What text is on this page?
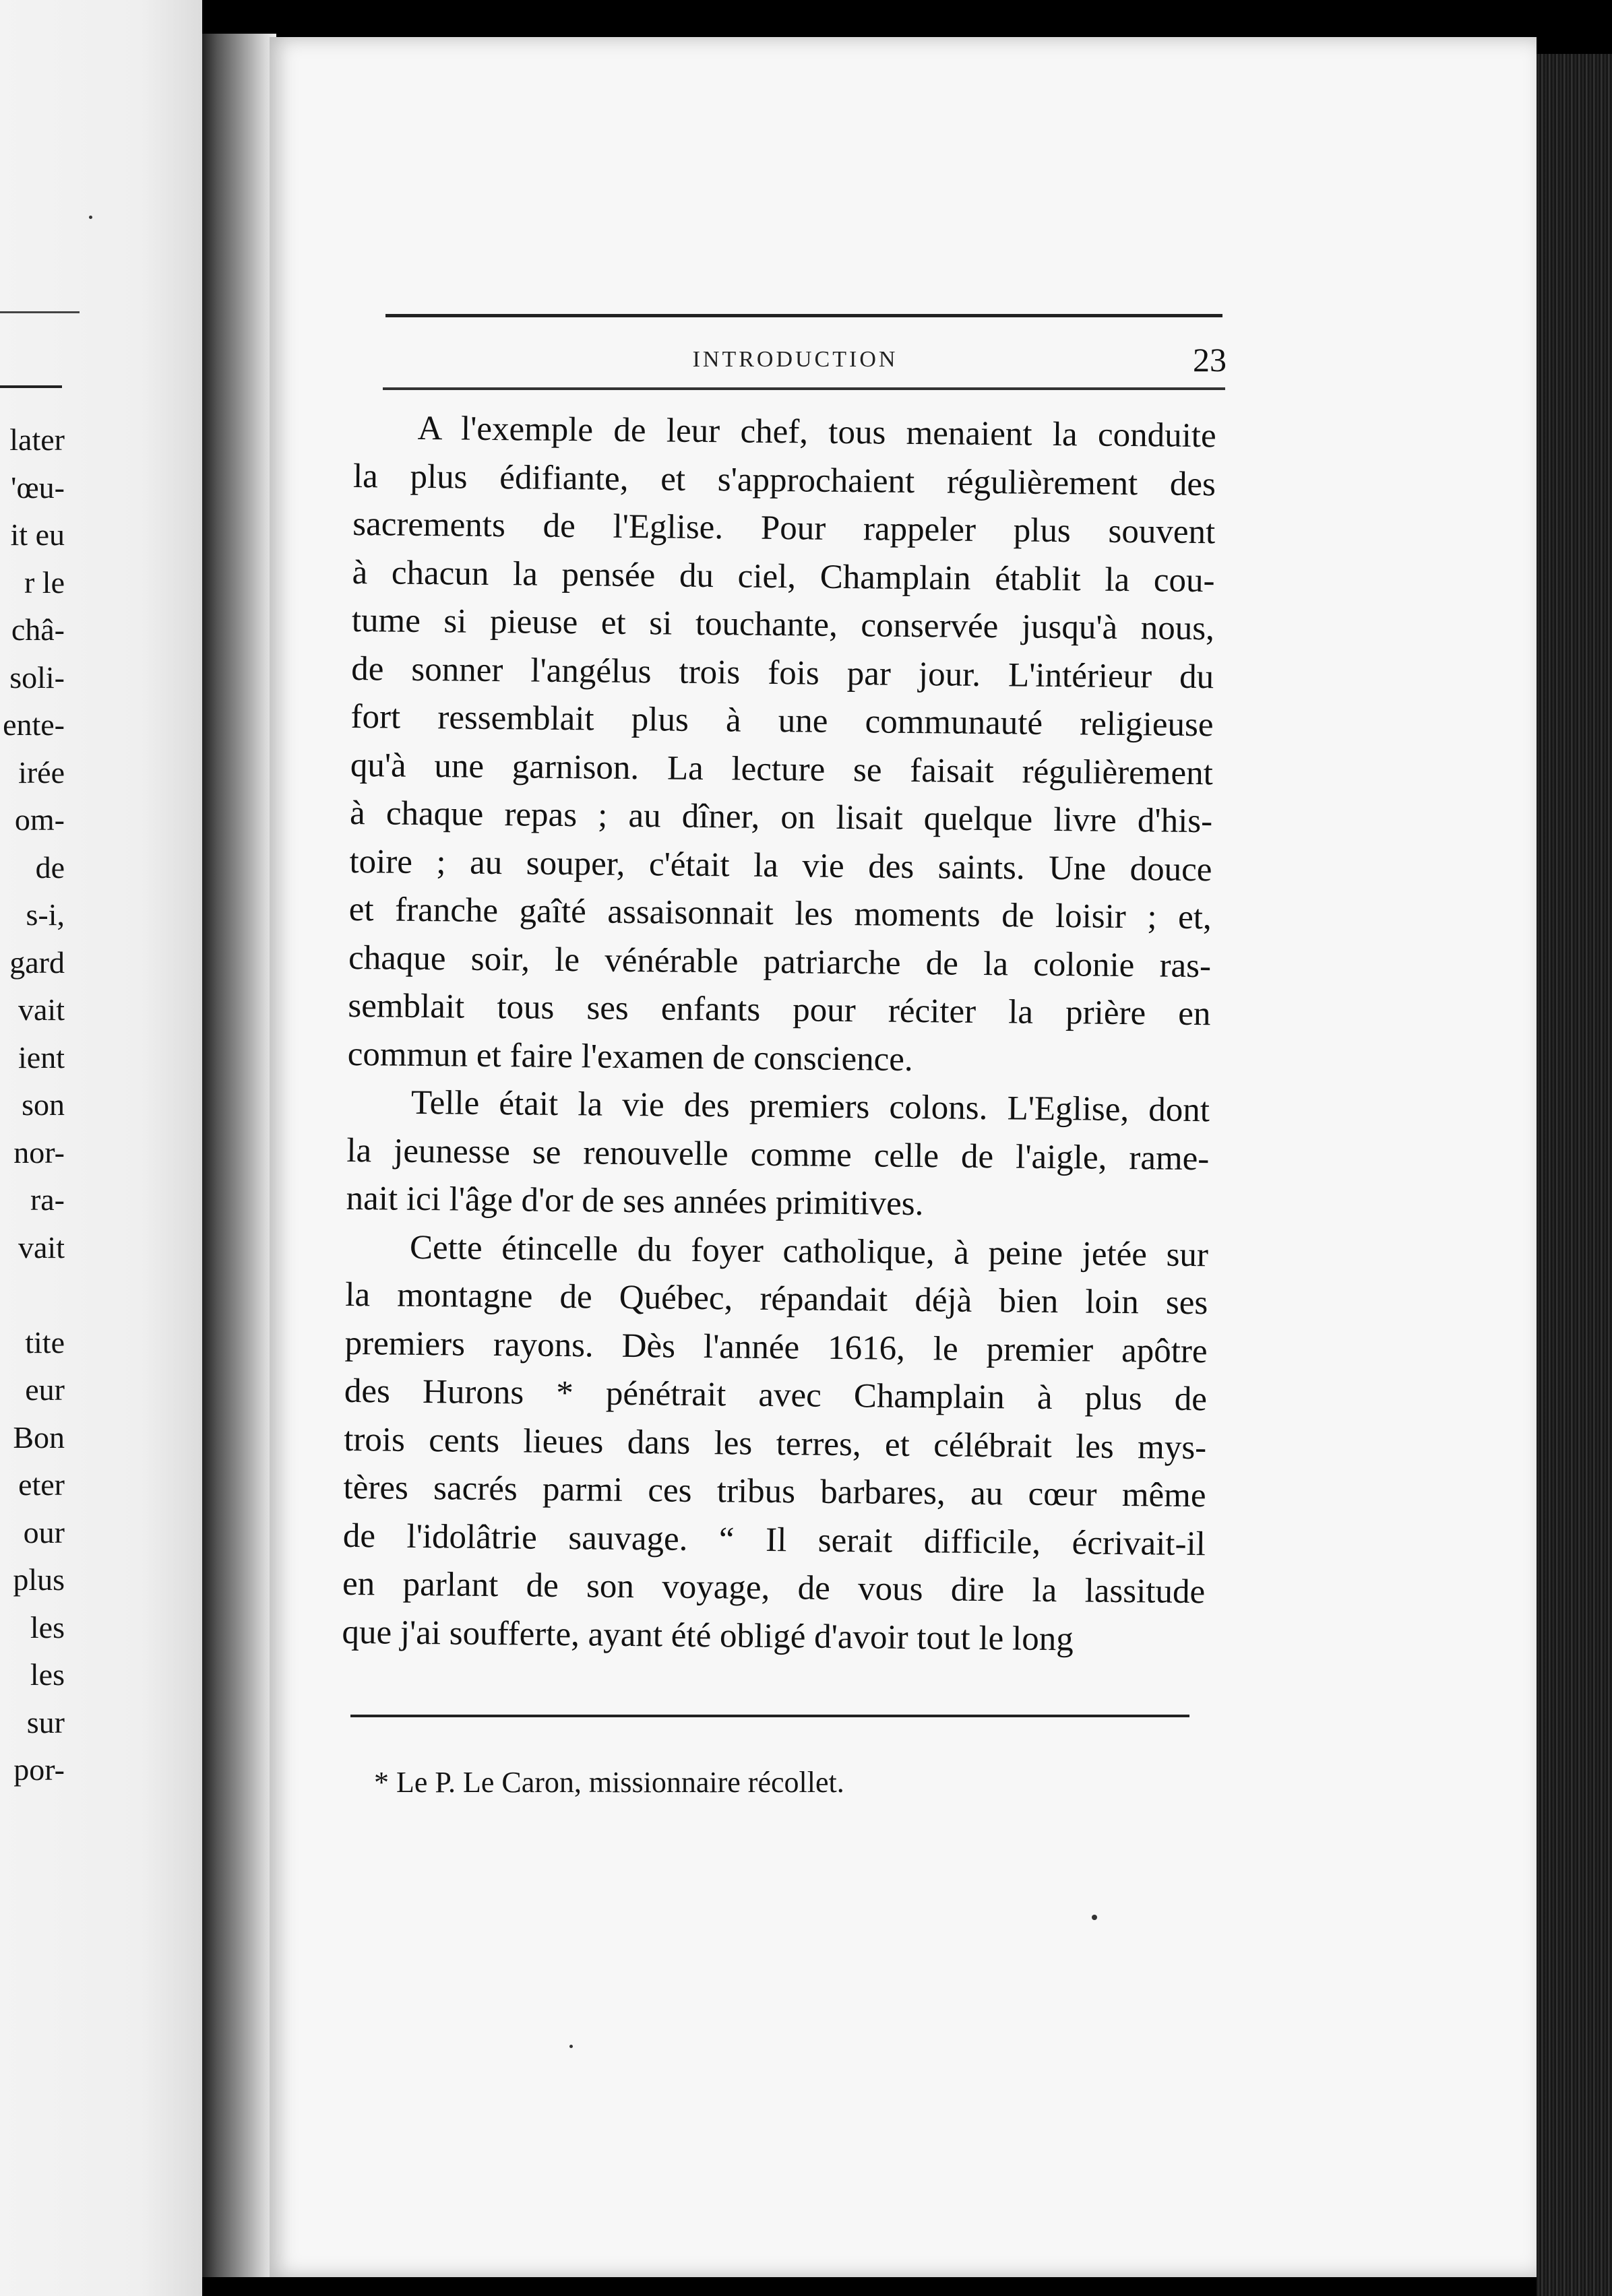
later
'œu-
it eu
r le
châ-
soli-
ente-
irée
om-
de
s-i,
gard
vait
ient
son
nor-
ra-
vait
tite
eur
Bon
eter
our
plus
les
les
sur
por-
INTRODUCTION	23
A l'exemple de leur chef, tous menaient la conduite
la plus édifiante, et s'approchaient régulièrement des
sacrements de l'Eglise. Pour rappeler plus souvent
à chacun la pensée du ciel, Champlain établit la cou-
tume si pieuse et si touchante, conservée jusqu'à nous,
de sonner l'angélus trois fois par jour. L'intérieur du
fort ressemblait plus à une communauté religieuse
qu'à une garnison. La lecture se faisait régulièrement
à chaque repas ; au dîner, on lisait quelque livre d'his-
toire ; au souper, c'était la vie des saints. Une douce
et franche gaîté assaisonnait les moments de loisir ; et,
chaque soir, le vénérable patriarche de la colonie ras-
semblait tous ses enfants pour réciter la prière en
commun et faire l'examen de conscience.
Telle était la vie des premiers colons. L'Eglise, dont
la jeunesse se renouvelle comme celle de l'aigle, rame-
nait ici l'âge d'or de ses années primitives.
Cette étincelle du foyer catholique, à peine jetée sur
la montagne de Québec, répandait déjà bien loin ses
premiers rayons. Dès l'année 1616, le premier apôtre
des Hurons * pénétrait avec Champlain à plus de
trois cents lieues dans les terres, et célébrait les mys-
tères sacrés parmi ces tribus barbares, au cœur même
de l'idolâtrie sauvage. “ Il serait difficile, écrivait-il
en parlant de son voyage, de vous dire la lassitude
que j'ai soufferte, ayant été obligé d'avoir tout le long
* Le P. Le Caron, missionnaire récollet.
